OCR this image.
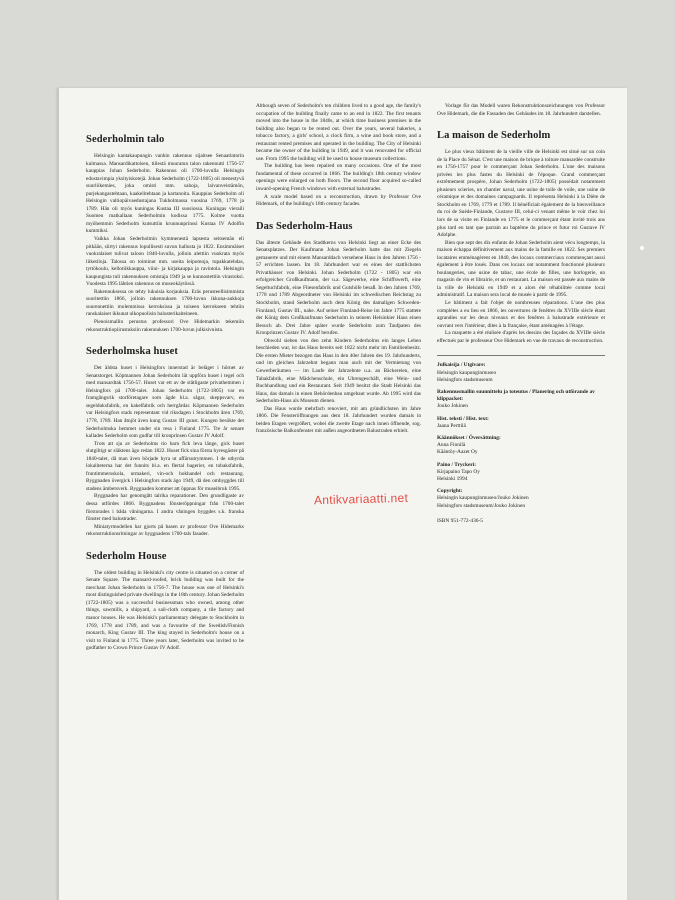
Sederholmin talo

Helsingin kantakaupungin vanhin rakennus sijaitsee Senaatintorin kulmassa. Mansardikattoisen, tiilestä muuratun talon rakennutti 1756-57 kauppias Johan Sederholm. Rakennus oli 1700-luvulla Helsingin edustavimpia yksityiskotejä. Johan Sederholm (1722-1805) oli menestyvä suurliikemies, joka omisti mm. sahoja, laivanveistämön, purjekangastehtaan, kaakelitehtaan ja kartanoita. Kauppias Sederholm oli Helsingin valtiopäivaedustajana Tukholmassa vuosina 1769, 1778 ja 1789. Hän oli myös kuningas Kustaa III suosiossa. Kuningas vieraili Suomen matkallaan Sederholmin kodissa 1775. Kolme vuotta myöhemmin Sederholm kutsuttiin kruununprinssi Kustaa IV Adolfin kummiksi.

Vaikka Johan Sederholmin kymmenestä lapsesta seitsemän eli pitkään, siirtyi rakennus lopullisesti suvun hallusta jo 1822. Ensimmäiset vuokralaiset tulivat taloon 1840-luvulla, jolloin alettiin vuokrata myös liiketiloja. Talossa on toiminut mm. useita leipomoja, tupakkatehdas, tyttökoulu, kellotiikkauppa, viini- ja kirjakauppa ja ravintola. Helsingin kaupungista tuli rakennuksen omistaja 1949 ja se kunnostettiin virastoksi. Vuodesta 1995 lähtien rakennus on museokäytössä.

Rakennuksessa on tehty lukuisia korjauksia. Eräs perusteellisimmista suoritettiin 1866, jolloin rakennuksen 1700-luvun ikkuna-aukkoja suurennettiin molemmissa kerroksissa ja toiseen kerrokseen tehtiin ranskalaiset ikkunat ulkopuolisin balusterikaiteineen.

Pienoismallin perustus professori Ove Hidemarkin tekemiin rekonstruktiopiirustuksiin rakennuksen 1700-luvun julkisivuista.

Sederholmska huset

Det äldsta huset i Helsingfors innerstad är beläget i hörnet av Senatstorget. Köpmannen Johan Sederholm lät uppföra huset i tegel och med mansardtak 1756-57. Huset var ett av de ståtligaste privathemmen i Helsingfors på 1700-talet. Johan Sederholm (1722-1805) var en framgångsrik storföretagare som ägde bl.a. sågar, skeppsvarv, en segelduksfabrik, en kakelfabrik och herrgårdar. Köpmannen Sederholm var Helsingfors stads representant vid riksdagen i Stockholm åren 1769, 1778, 1789. Han åtnjöt även kung Gustav III gunst. Kungen besökte det Sederholmska hemmet under sin resa i Finland 1775. Tre år senare kallades Sederholm som gudfar till kronprinsen Gustav IV Adolf.

Trots att sju av Sederholms tio barn fick leva länge, gick huset slutgiltigt ur släktens ägo redan 1822. Huset fick sina första hyresgäster på 1840-talet, då man även började hyra ut affärsutrymmen. I de uthyrda lokaliteterna har det funnits bl.a. en flertal bagerier, en tobaksfabrik, fruntimmersskola, urmakeri, vin-och bokhandel och restaurang. Byggnaden övergick i Helsingfors stads ägo 1949, då den ombyggdes till stadens ämbetsverk. Byggnaden kommer att öppnas för museibruk 1995.

Byggnaden har genomgått talrika reparationer. Den grundligaste av dessa utfördes 1866. Byggnadens fönsteröppningar från 1700-talet förstorades i båda våningarna. I andra våningen byggdes s.k. franska fönster med balustrader.

Miniatyrmodellen har gjorts på basen av professor Ove Hidemarks rekonstruktionsritningar av byggnadens 1700-tals fasader.

Sederholm House

The oldest building in Helsinki's city centre is situated on a corner of Senate Square. The mansard-roofed, brick building was built for the merchant Johan Sederholm in 1756-7. The house was one of Helsinki's most distinguished private dwellings in the 18th century. Johan Sederholm (1722-1805) was a successful businessman who owned, among other things, sawmills, a shipyard, a sail-cloth company, a tile factory and manor houses. He was Helsinki's parliamentary delegate to Stockholm in 1769, 1778 and 1789, and was a favourite of the Swedish/Finnish monarch, King Gustav III. The king stayed in Sederholm's house on a visit to Finland in 1775. Three years later, Sederholm was invited to be godfather to Crown Prince Gustav IV Adolf.

Although seven of Sederholm's ten children lived to a good age, the family's occupation of the building finally came to an end in 1822. The first tenants moved into the house in the 1840s, at which time business premises in the building also began to be rented out. Over the years, several bakeries, a tobacco factory, a girls' school, a clock firm, a wine and book store, and a restaurant rented premises and operated in the building. The City of Helsinki became the owner of the building in 1949, and it was renovated for official use. From 1995 the building will be used to house museum collections.

The building has been repaired on many occasions. One of the most fundamental of these occurred in 1866. The building's 18th century window openings were enlarged on both floors. The second floor acquired so-called inward-opening French windows with external balustrades.

A scale model based on a reconstruction, drawn by Professor Ove Hidemark, of the building's 18th century facades.

Das Sederholm-Haus

Das älteste Gebäude des Stadtkerns von Helsinki liegt an einer Ecke des Senatsplatzes. Der Kaufmann Johan Sederholm hatte das mit Ziegeln gemauerte und mit einem Mansarddach versehene Haus in den Jahren 1756 - 57 errichten lassen. Im 18. Jahrhundert war es eines der stattlichsten Privathäuser von Helsinki. Johan Sederholm (1722 - 1805) war ein erfolgreicher Großkaufmann, der u.a. Sägewerke, eine Schiffswerft, eine Segeltuchfabrik, eine Fliesenfabrik und Gutshöfe besaß. In den Jahren 1769, 1778 und 1789 Abgeordneter von Helsinki im schwedischen Reichstag zu Stockholm, stand Sederholm auch dem König des damaligen Schweden-Finnland, Gustav III., nahe. Auf seiner Finnland-Reise im Jahre 1775 stattete der König dem Großkaufmann Sederholm in seinem Helsinkier Haus einen Besuch ab. Drei Jahre später wurde Sederholm zum Taufpaten des Kronprinzen Gustav IV. Adolf berufen.

Obwohl sieben von den zehn Kindern Sederholms ein langes Leben beschieden war, ist das Haus bereits seit 1822 nicht mehr im Familienbesitz. Die ersten Mieter bezogen das Haus in den 40er Jahren des 19. Jahrhunderts, und im gleichen Jahrzehnt begann man auch mit der Vermietung von Gewerberäumen — im Laufe der Jahrzehnte u.a. an Bäckereien, eine Tabakfabrik, eine Mädchenschule, ein Uhrengeschäft, eine Wein- und Buchhandlung und ein Restaurant. Seit 1949 besitzt die Stadt Helsinki das Haus, das damals in einen Behördenbau umgebaut wurde. Ab 1995 wird das Sederholm-Haus als Museum dienen.

Das Haus wurde mehrfach renoviert, mit am gründlichsten im Jahre 1866. Die Fensteröffnungen aus dem 18. Jahrhundert wurden damals in beiden Etagen vergrößert, wobei die zweite Etage nach innen öffnende, sog. französische Balkonfenster mit außen angeordneten Balustraden erhielt.

Vorlage für das Modell waren Rekonstruktionszeichnungen von Professor Ove Hidemark, die die Fassaden des Gebäudes im 18. Jahrhundert darstellen.

La maison de Sederholm

Le plus vieux bâtiment de la vieille ville de Helsinki est situé sur un coin de la Place du Sénat. C'est une maison de brique à toiture mansardée construite en 1756-1757 pour le commerçant Johan Sederholm. L'une des maisons privées les plus fastes du Helsinki de l'époque. Grand commerçant extrêmement prospère, Johan Sederholm (1722-1805) possédait notamment plusieurs scieries, un chantier naval, une usine de toile de voile, une usine de céramique et des domaines campagnards. Il représenta Helsinki à la Diète de Stockholm en 1769, 1779 et 1789. Il bénéficiait également de la bienveillance du roi de Suède-Finlande, Gustave III, celui-ci venant même le voir chez lui lors de sa visite en Finlande en 1775 et le commerçant étant invité trois ans plus tard en tant que parrain au baptême du prince et futur roi Gustave IV Adolphe.

Bien que sept des dix enfants de Johan Sederholm aient vécu longtemps, la maison échappa définitivement aux mains de la famille en 1822. Ses premiers locataires emménagèrent en 1840, des locaux commerciaux commençant aussi également à être loués. Dans ces locaux ont notamment fonctionné plusieurs boulangeries, une usine de tabac, une école de filles, une horlogerie, un magasin de vin et librairie, et un restaurant. La maison est passée aux mains de la ville de Helsinki en 1949 et a alors été réhabilitée comme local administratif. La maison sera local de musée à partir de 1995.

Le bâtiment a fait l'objet de nombreuses réparations. L'une des plus complètes a eu lieu en 1866, les ouvertures de fenêtres du XVIIIe siècle étant agrandies sur les deux niveaux et des fenêtres à balustrade extérieure et ouvrant vers l'intérieur, dites à la française, étant aménagées à l'étage.

La maquette a été réalisée d'après les dessins des façades du XVIIIe siècle effectués par le professeur Ove Hidemark en vue de travaux de reconstruction.

Julkaisija / Utgivare:
Helsingin kaupunginmuseo
Helsingfors stadsmuseum
Rakennusmallin suunnittelu ja toteutus / Planering och utförande av klippacket:
Jouko Jokinen
Hist. teksti / Hist. text:
Jaana Perttilä
Käännökset / Översättning:
Anna Finnilä
Kääntöy-Aazet Oy
Paino / Tryckeri:
Kirjapaino Tapo Oy
Helsinki 1994
Copyright:
Helsingin kaupunginmuseo/Jouko Jokinen
Helsingfors stadsmuseum/Jouko Jokinen
ISBN 951-772-436-5
Antikvariaatti.net
